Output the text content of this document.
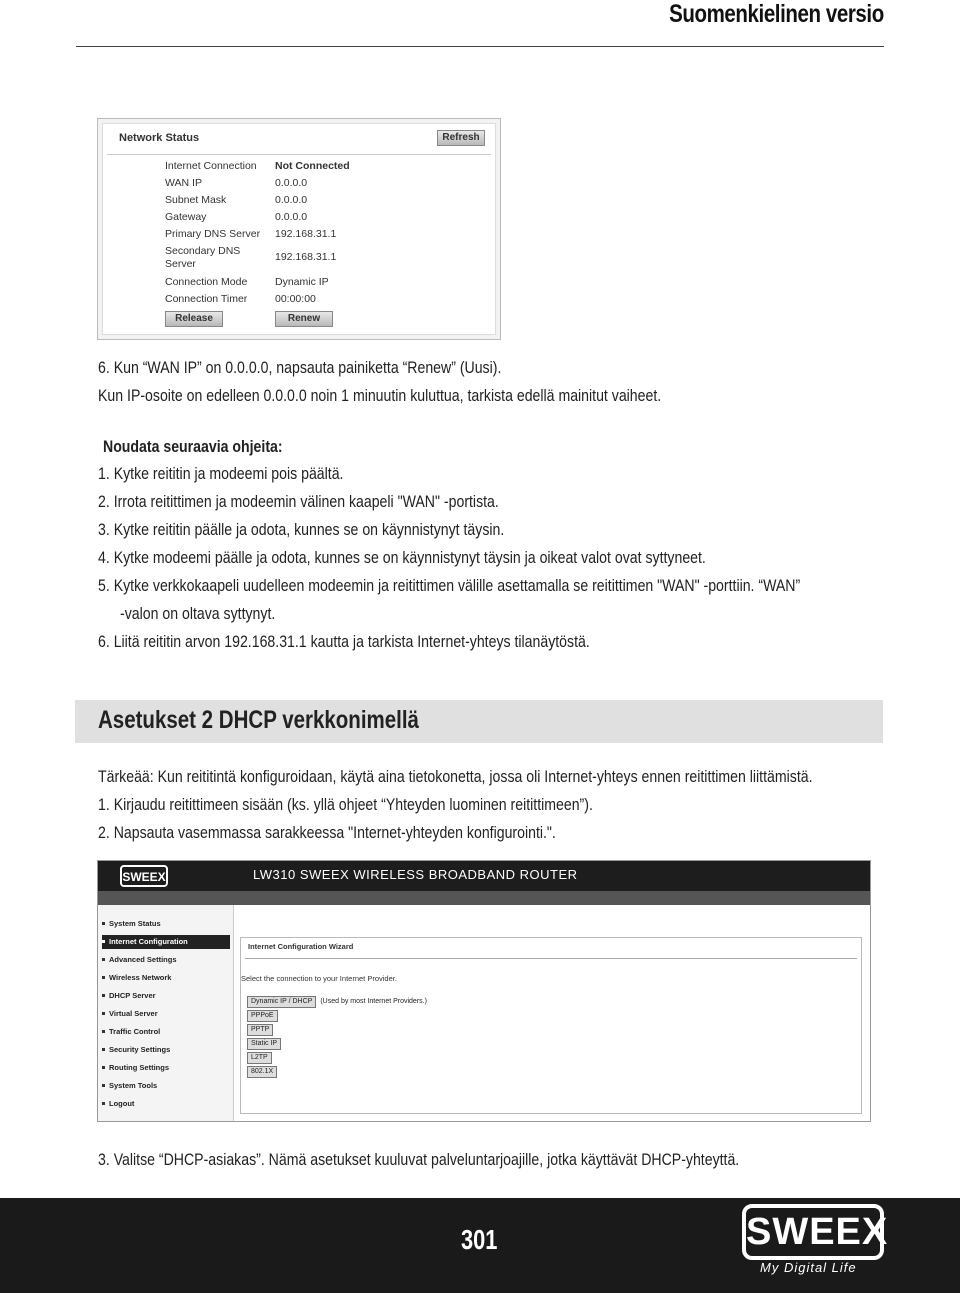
Suomenkielinen versio
Network Status	Refresh
Internet Connection Not Connected
WAN IP	0.0.0.0
Subnet Mask	0.0.0.0
Gateway	0.0.0.0
Primary DNS Server 192.168.31.1
Secondary DNS	192.168.31.1
Server
Connection Mode	Dynamic IP
Connection Timer	00:00:00
Release	Renew
6. Kun “WAN IP” on 0.0.0.0, napsauta painiketta “Renew” (Uusi).
Kun IP-osoite on edelleen 0.0.0.0 noin 1 minuutin kuluttua, tarkista edellä mainitut vaiheet.
Noudata seuraavia ohjeita:
1. Kytke reititin ja modeemi pois päältä.
2. Irrota reitittimen ja modeemin välinen kaapeli "WAN" -portista.
3. Kytke reititin päälle ja odota, kunnes se on käynnistynyt täysin.
4. Kytke modeemi päälle ja odota, kunnes se on käynnistynyt täysin ja oikeat valot ovat syttyneet.
5. Kytke verkkokaapeli uudelleen modeemin ja reitittimen välille asettamalla se reitittimen "WAN" -porttiin. “WAN”
-valon on oltava syttynyt.
6. Liitä reititin arvon 192.168.31.1 kautta ja tarkista Internet-yhteys tilanäytöstä.
Asetukset 2 DHCP verkkonimellä
Tärkeää: Kun reititintä konfiguroidaan, käytä aina tietokonetta, jossa oli Internet-yhteys ennen reitittimen liittämistä.
1. Kirjaudu reitittimeen sisään (ks. yllä ohjeet “Yhteyden luominen reitittimeen”).
2. Napsauta vasemmassa sarakkeessa "Internet-yhteyden konfigurointi.".
SWEEX	LW310 SWEEX WIRELESS BROADBAND ROUTER
System Status
Internet Configuration
Advanced Settings
Wireless Network
DHCP Server
Virtual Server
Traffic Control
Security Settings
Routing Settings
System Tools
Logout
Internet Configuration Wizard
Select the connection to your Internet Provider.
Dynamic IP / DHCP (Used by most Internet Providers.)
PPPoE
PPTP
Static IP
L2TP
802.1X
3. Valitse “DHCP-asiakas”. Nämä asetukset kuuluvat palveluntarjoajille, jotka käyttävät DHCP-yhteyttä.
301	SWEEX
My Digital Life
